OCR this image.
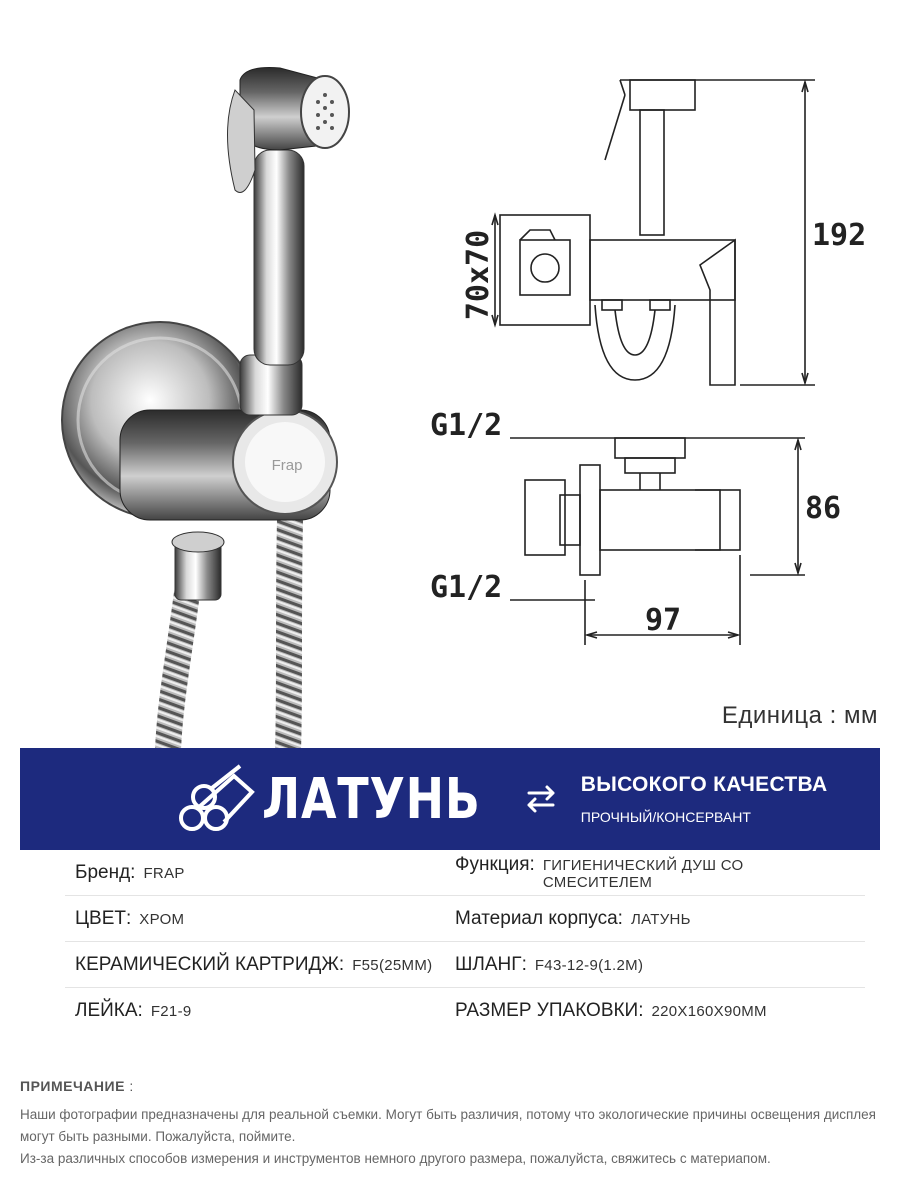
Frap
192
70x70
86
97
G1/2
G1/2
Единица : мм
ЛАТУНЬ	ВЫСОКОГО КАЧЕСТВА
ПРОЧНЫЙ/КОНСЕРВАНТ
Бренд: FRAP	Функция: ГИГИЕНИЧЕСКИЙ ДУШ СО СМЕСИТЕЛЕМ
ЦВЕТ: ХРОМ	Материал корпуса: ЛАТУНЬ
КЕРАМИЧЕСКИЙ КАРТРИДЖ: F55(25MM) ШЛАНГ: F43-12-9(1.2M)
ЛЕЙКА: F21-9	РАЗМЕР УПАКОВКИ: 220X160X90MM
ПРИМЕЧАНИЕ :

Наши фотографии предназначены для реальной съемки. Могут быть различия, потому что экологические причины освещения дисплея могут быть разными. Пожалуйста, поймите.

Из-за различных способов измерения и инструментов немного другого размера, пожалуйста, свяжитесь с материапом.
